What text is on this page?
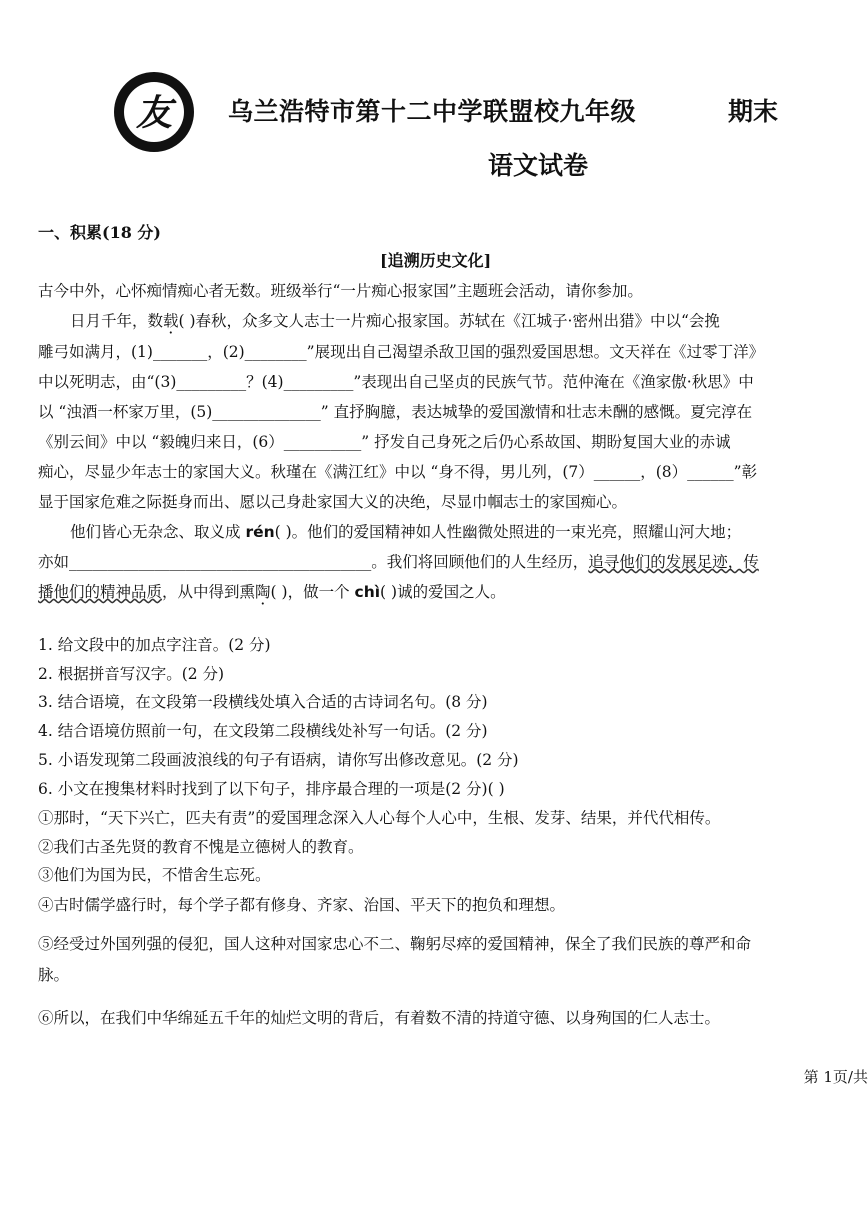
友 乌兰浩特市第十二中学联盟校九年级	期末
语文试卷
一、积累(18 分)
[追溯历史文化]
古今中外，心怀痴情痴心者无数。班级举行“一片痴心报家国”主题班会活动，请你参加。
日月千年，数载( )春秋，众多文人志士一片痴心报家国。苏轼在《江城子·密州出猎》中以“会挽
雕弓如满月，(1)_______，(2)________”展现出自己渴望杀敌卫国的强烈爱国思想。文天祥在《过零丁洋》
中以死明志，由“(3)_________？(4)_________”表现出自己坚贞的民族气节。范仲淹在《渔家傲·秋思》中
以 “浊酒一杯家万里，(5)______________” 直抒胸臆，表达城挚的爱国激情和壮志未酬的感慨。夏完淳在
《别云间》中以 “毅魄归来日，(6）__________” 抒发自己身死之后仍心系故国、期盼复国大业的赤诚
痴心，尽显少年志士的家国大义。秋瑾在《满江红》中以 “身不得，男儿列，(7）______，(8）______”彰
显于国家危难之际挺身而出、愿以己身赴家国大义的决绝，尽显巾帼志士的家国痴心。
他们皆心无杂念、取义成 rén( )。他们的爱国精神如人性幽微处照进的一束光亮，照耀山河大地；
亦如_______________________________________。我们将回顾他们的人生经历，追寻他们的发展足迹，传
播他们的精神品质，从中得到熏陶( )，做一个 chì( )诚的爱国之人。
1. 给文段中的加点字注音。(2 分)
2. 根据拼音写汉字。(2 分)
3. 结合语境，在文段第一段横线处填入合适的古诗词名句。(8 分)
4. 结合语境仿照前一句，在文段第二段横线处补写一句话。(2 分)
5. 小语发现第二段画波浪线的句子有语病，请你写出修改意见。(2 分)
6. 小文在搜集材料时找到了以下句子，排序最合理的一项是(2 分)( )
①那时，“天下兴亡，匹夫有责”的爱国理念深入人心每个人心中，生根、发芽、结果，并代代相传。
②我们古圣先贤的教育不愧是立德树人的教育。
③他们为国为民，不惜舍生忘死。
④古时儒学盛行时，每个学子都有修身、齐家、治国、平天下的抱负和理想。
⑤经受过外国列强的侵犯，国人这种对国家忠心不二、鞠躬尽瘁的爱国精神，保全了我们民族的尊严和命
脉。
⑥所以，在我们中华绵延五千年的灿烂文明的背后，有着数不清的持道守德、以身殉国的仁人志士。
第 1页/共
